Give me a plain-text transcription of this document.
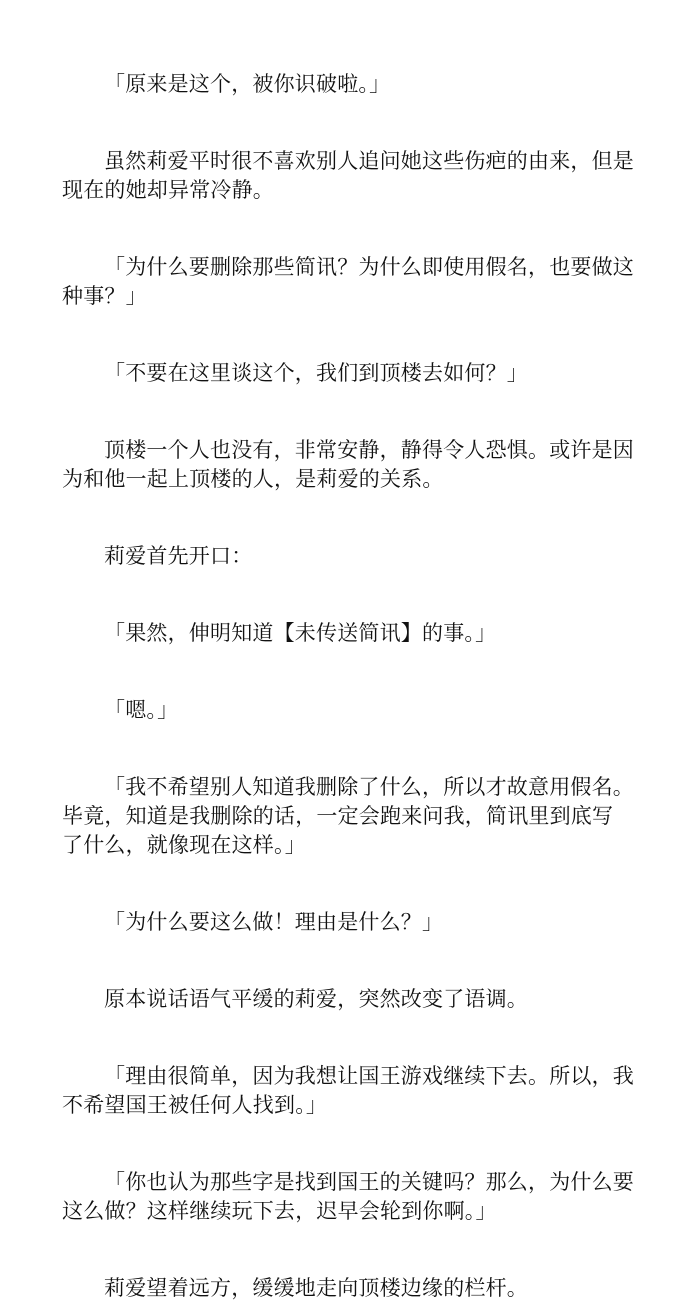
「原来是这个，被你识破啦。」

虽然莉爱平时很不喜欢别人追问她这些伤疤的由来，但是现在的她却异常冷静。

「为什么要删除那些简讯？为什么即使用假名，也要做这种事？」

「不要在这里谈这个，我们到顶楼去如何？」

顶楼一个人也没有，非常安静，静得令人恐惧。或许是因为和他一起上顶楼的人，是莉爱的关系。

莉爱首先开口：

「果然，伸明知道【未传送简讯】的事。」

「嗯。」

「我不希望别人知道我删除了什么，所以才故意用假名。毕竟，知道是我删除的话，一定会跑来问我，简讯里到底写了什么，就像现在这样。」

「为什么要这么做！理由是什么？」

原本说话语气平缓的莉爱，突然改变了语调。

「理由很简单，因为我想让国王游戏继续下去。所以，我不希望国王被任何人找到。」

「你也认为那些字是找到国王的关键吗？那么，为什么要这么做？这样继续玩下去，迟早会轮到你啊。」

莉爱望着远方，缓缓地走向顶楼边缘的栏杆。
